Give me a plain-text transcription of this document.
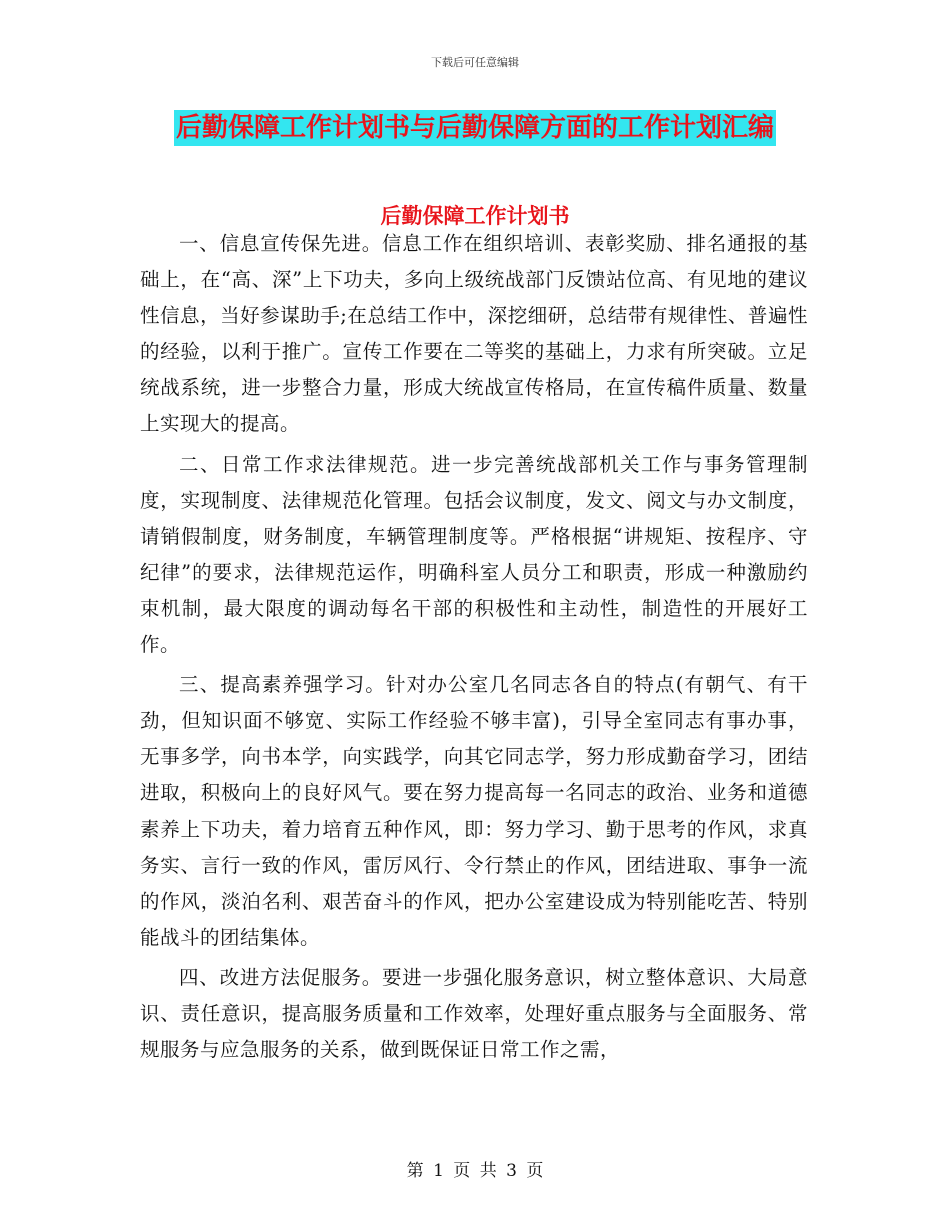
下载后可任意编辑
后勤保障工作计划书与后勤保障方面的工作计划汇编
后勤保障工作计划书

一、信息宣传保先进。信息工作在组织培训、表彰奖励、排名通报的基础上，在“高、深”上下功夫，多向上级统战部门反馈站位高、有见地的建议性信息，当好参谋助手;在总结工作中，深挖细研，总结带有规律性、普遍性的经验，以利于推广。宣传工作要在二等奖的基础上，力求有所突破。立足统战系统，进一步整合力量，形成大统战宣传格局，在宣传稿件质量、数量上实现大的提高。

二、日常工作求法律规范。进一步完善统战部机关工作与事务管理制度，实现制度、法律规范化管理。包括会议制度，发文、阅文与办文制度，请销假制度，财务制度，车辆管理制度等。严格根据“讲规矩、按程序、守纪律”的要求，法律规范运作，明确科室人员分工和职责，形成一种激励约束机制，最大限度的调动每名干部的积极性和主动性，制造性的开展好工作。

三、提高素养强学习。针对办公室几名同志各自的特点(有朝气、有干劲，但知识面不够宽、实际工作经验不够丰富)，引导全室同志有事办事，无事多学，向书本学，向实践学，向其它同志学，努力形成勤奋学习，团结进取，积极向上的良好风气。要在努力提高每一名同志的政治、业务和道德素养上下功夫，着力培育五种作风，即：努力学习、勤于思考的作风，求真务实、言行一致的作风，雷厉风行、令行禁止的作风，团结进取、事争一流的作风，淡泊名利、艰苦奋斗的作风，把办公室建设成为特别能吃苦、特别能战斗的团结集体。

四、改进方法促服务。要进一步强化服务意识，树立整体意识、大局意识、责任意识，提高服务质量和工作效率，处理好重点服务与全面服务、常规服务与应急服务的关系，做到既保证日常工作之需，

第 1 页 共 3 页
